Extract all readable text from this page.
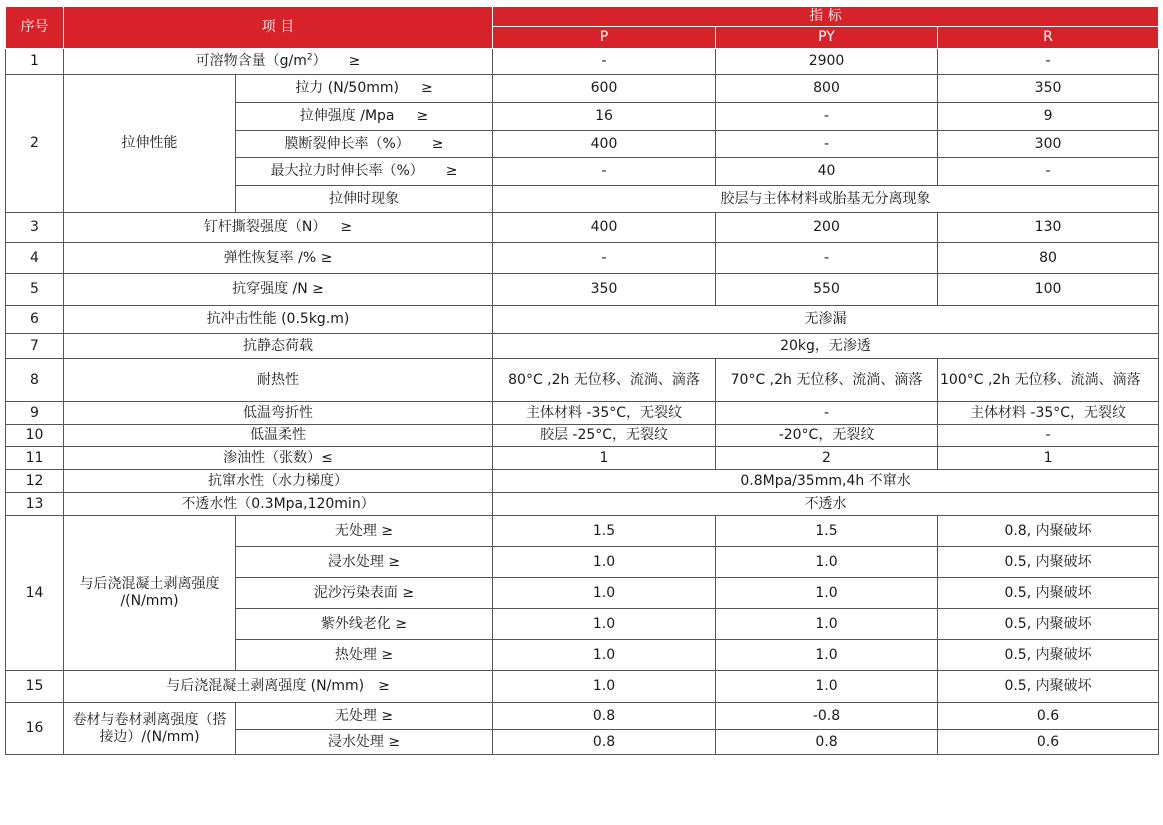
序号	项 目		指 标		
			P	PY	R
1	可溶物含量$(g/m^2)$ ≥		-	2900	-
2	拉伸性能	拉力 (N/50mm) ≥	600	800	350
		拉伸强度 /Mpa ≥	16	-	9
		膜断裂伸长率（%） ≥	400	-	300
		最大拉力时伸长率（%） ≥	-	40	-
		拉伸时现象	胶层与主体材料或胎基无分离现象		
3	钉杆撕裂强度（N） ≥		400	200	130
4	弹性恢复率 /% ≥		-	-	80
5	抗穿强度 /N ≥		350	550	100
6	抗冲击性能 (0.5kg.m)		无渗漏		
7	抗静态荷载		20kg，无渗透		
8	耐热性		80°C ,2h 无位移、流淌、滴落	70°C ,2h 无位移、流淌、滴落	100°C ,2h 无位移、流淌、滴落
9	低温弯折性		主体材料 -35°C，无裂纹	-	主体材料 -35°C，无裂纹
10	低温柔性		胶层 -25°C，无裂纹	-20°C，无裂纹	-
11	渗油性（张数）≤		1	2	1
12	抗窜水性（水力梯度）		0.8Mpa/35mm,4h 不窜水		
13	不透水性（0.3Mpa,120min）		不透水		
14	与后浇混凝土剥离强度 /(N/mm)	无处理 ≥	1.5	1.5	0.8, 内聚破坏
		浸水处理 ≥	1.0	1.0	0.5, 内聚破坏
		泥沙污染表面 ≥	1.0	1.0	0.5, 内聚破坏
		紫外线老化 ≥	1.0	1.0	0.5, 内聚破坏
		热处理 ≥	1.0	1.0	0.5, 内聚破坏
15	与后浇混凝土剥离强度 (N/mm) ≥		1.0	1.0	0.5, 内聚破坏
16	卷材与卷材剥离强度（搭接边）/(N/mm)	无处理 ≥	0.8	-0.8	0.6
		浸水处理 ≥	0.8	0.8	0.6
